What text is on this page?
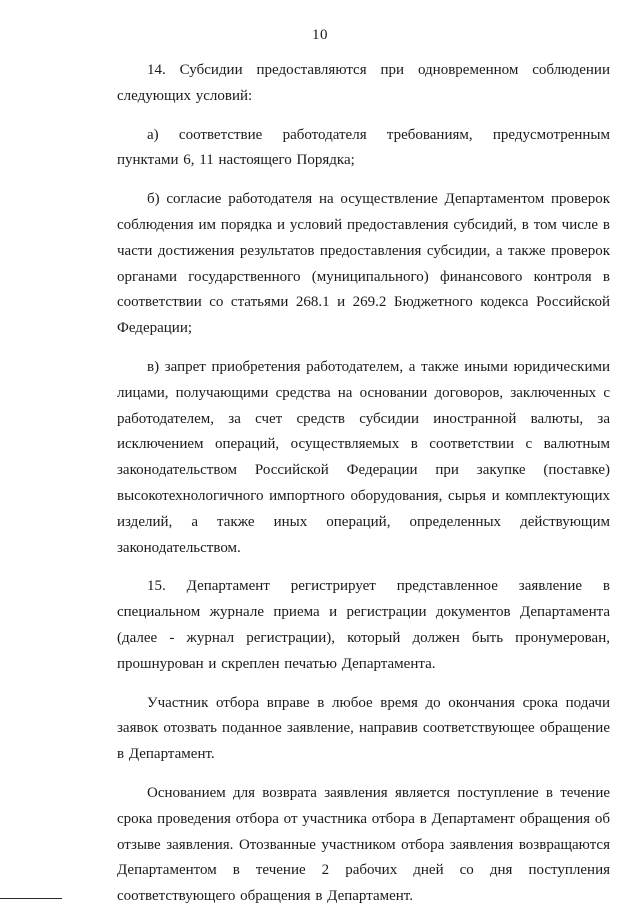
10

14. Субсидии предоставляются при одновременном соблюдении следующих условий:

а) соответствие работодателя требованиям, предусмотренным пунктами 6, 11 настоящего Порядка;

б) согласие работодателя на осуществление Департаментом проверок соблюдения им порядка и условий предоставления субсидий, в том числе в части достижения результатов предоставления субсидии, а также проверок органами государственного (муниципального) финансового контроля в соответствии со статьями 268.1 и 269.2 Бюджетного кодекса Российской Федерации;

в) запрет приобретения работодателем, а также иными юридическими лицами, получающими средства на основании договоров, заключенных с работодателем, за счет средств субсидии иностранной валюты, за исключением операций, осуществляемых в соответствии с валютным законодательством Российской Федерации при закупке (поставке) высокотехнологичного импортного оборудования, сырья и комплектующих изделий, а также иных операций, определенных действующим законодательством.

15. Департамент регистрирует представленное заявление в специальном журнале приема и регистрации документов Департамента (далее - журнал регистрации), который должен быть пронумерован, прошнурован и скреплен печатью Департамента.

Участник отбора вправе в любое время до окончания срока подачи заявок отозвать поданное заявление, направив соответствующее обращение в Департамент.

Основанием для возврата заявления является поступление в течение срока проведения отбора от участника отбора в Департамент обращения об отзыве заявления. Отозванные участником отбора заявления возвращаются Департаментом в течение 2 рабочих дней со дня поступления соответствующего обращения в Департамент.
